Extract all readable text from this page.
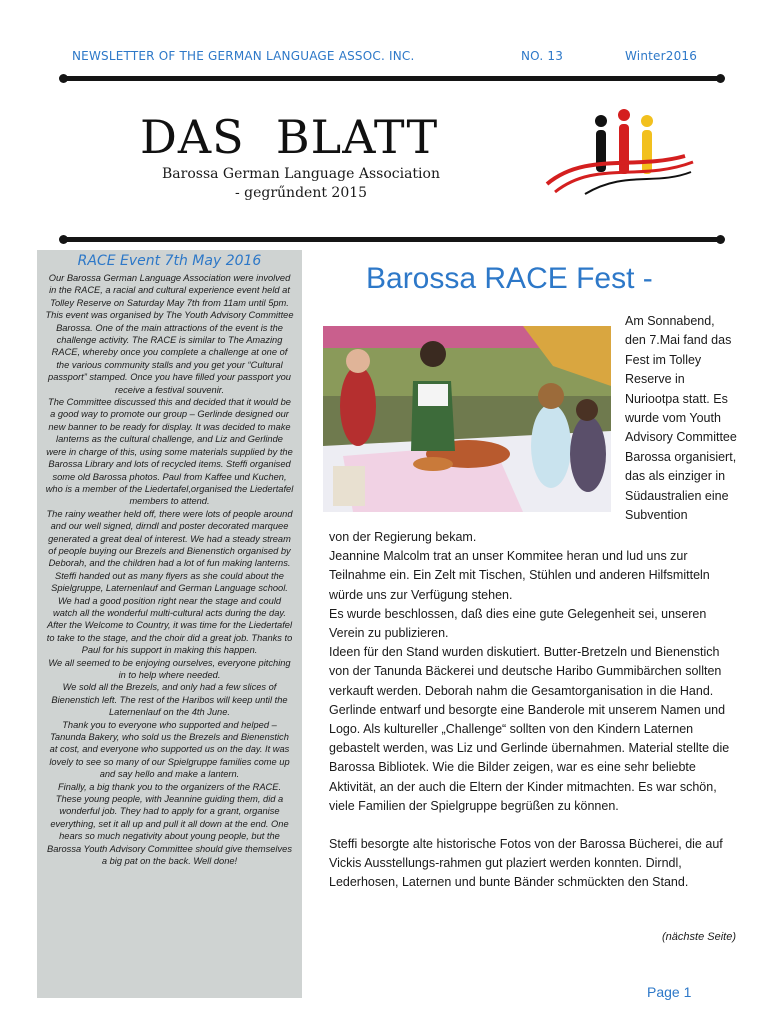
NEWSLETTER OF THE GERMAN LANGUAGE ASSOC. INC.	NO. 13	Winter2016
DAS  BLATT
Barossa German Language Association
- gegrűndent 2015
RACE Event 7th May 2016

Our Barossa German Language Association were involved in the RACE, a racial and cultural experience event held at Tolley Reserve on Saturday May 7th from 11am until 5pm.

This event was organised by The Youth Advisory Committee Barossa. One of the main attractions of the event is the challenge activity. The RACE is similar to The Amazing RACE, whereby once you complete a challenge at one of the various community stalls and you get your “Cultural passport” stamped. Once you have filled your passport you receive a festival souvenir.

The Committee discussed this and decided that it would be a good way to promote our group – Gerlinde designed our new banner to be ready for display. It was decided to make lanterns as the cultural challenge, and Liz and Gerlinde were in charge of this, using some materials supplied by the Barossa Library and lots of recycled items. Steffi organised some old Barossa photos. Paul from Kaffee und Kuchen, who is a member of the Liedertafel,organised the Liedertafel members to attend.

The rainy weather held off, there were lots of people around and our well signed, dirndl and poster decorated marquee generated a great deal of interest. We had a steady stream of people buying our Brezels and Bienenstich organised by Deborah, and the children had a lot of fun making lanterns. Steffi handed out as many flyers as she could about the Spielgruppe, Laternenlauf and German Language school.

We had a good position right near the stage and could watch all the wonderful multi-cultural acts during the day. After the Welcome to Country, it was time for the Liedertafel to take to the stage, and the choir did a great job. Thanks to Paul for his support in making this happen.

We all seemed to be enjoying ourselves, everyone pitching in to help where needed.

We sold all the Brezels, and only had a few slices of Bienenstich left. The rest of the Haribos will keep until the Laternenlauf on the 4th June.

Thank you to everyone who supported and helped – Tanunda Bakery, who sold us the Brezels and Bienenstich at cost, and everyone who supported us on the day. It was lovely to see so many of our Spielgruppe families come up and say hello and make a lantern.

Finally, a big thank you to the organizers of the RACE. These young people, with Jeannine guiding them, did a wonderful job. They had to apply for a grant, organise everything, set it all up and pull it all down at the end. One hears so much negativity about young people, but the Barossa Youth Advisory Committee should give themselves a big pat on the back. Well done!

Barossa RACE Fest -
Am Sonnabend, den 7.Mai fand das Fest im Tolley Reserve in Nuriootpa statt. Es wurde vom Youth Advisory Committee Barossa organisiert, das als einziger in Südaustralien eine Subvention

von der Regierung bekam.

Jeannine Malcolm trat an unser Kommitee heran und lud uns zur Teilnahme ein. Ein Zelt mit Tischen, Stühlen und anderen Hilfsmitteln würde uns zur Verfügung stehen.

Es wurde beschlossen, daß dies eine gute Gelegenheit sei, unseren Verein zu publizieren.

Ideen für den Stand wurden diskutiert. Butter-Bretzeln und Bienenstich von der Tanunda Bäckerei und deutsche Haribo Gummibärchen sollten verkauft werden. Deborah nahm die Gesamtorganisation in die Hand. Gerlinde entwarf und besorgte eine Banderole mit unserem Namen und Logo. Als kultureller „Challenge“ sollten von den Kindern Laternen gebastelt werden, was Liz und Gerlinde übernahmen. Material stellte die Barossa Bibliotek. Wie die Bilder zeigen, war es eine sehr beliebte Aktivität, an der auch die Eltern der Kinder mitmachten. Es war schön, viele Familien der Spielgruppe begrüßen zu können.

Steffi besorgte alte historische Fotos von der Barossa Bücherei, die auf Vickis Ausstellungs-rahmen gut plaziert werden konnten. Dirndl, Lederhosen, Laternen und bunte Bänder schmückten den Stand.

(nächste Seite)
Page 1
